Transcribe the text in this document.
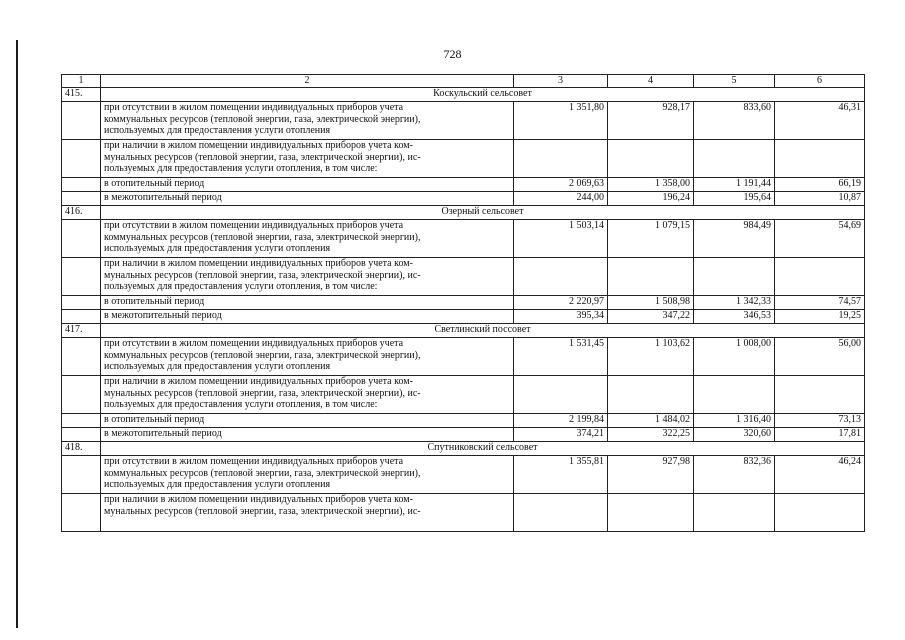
728
1	2	3	4	5	6
415.	Коскульский сельсовет				

	при отсутствии в жилом помещении индивидуальных приборов учета
коммунальных ресурсов (тепловой энергии, газа, электрической энергии),
используемых для предоставления услуги отопления	1 351,80	928,17	833,60	46,31

	при наличии в жилом помещении индивидуальных приборов учета ком-
мунальных ресурсов (тепловой энергии, газа, электрической энергии), ис-
пользуемых для предоставления услуги отопления, в том числе:				

	в отопительный период	2 069,63	1 358,00	1 191,44	66,19

	в межотопительный период	244,00	196,24	195,64	10,87
416.	Озерный сельсовет				

	при отсутствии в жилом помещении индивидуальных приборов учета
коммунальных ресурсов (тепловой энергии, газа, электрической энергии),
используемых для предоставления услуги отопления	1 503,14	1 079,15	984,49	54,69

	при наличии в жилом помещении индивидуальных приборов учета ком-
мунальных ресурсов (тепловой энергии, газа, электрической энергии), ис-
пользуемых для предоставления услуги отопления, в том числе:				

	в отопительный период	2 220,97	1 508,98	1 342,33	74,57

	в межотопительный период	395,34	347,22	346,53	19,25
417.	Светлинский поссовет				

	при отсутствии в жилом помещении индивидуальных приборов учета
коммунальных ресурсов (тепловой энергии, газа, электрической энергии),
используемых для предоставления услуги отопления	1 531,45	1 103,62	1 008,00	56,00

	при наличии в жилом помещении индивидуальных приборов учета ком-
мунальных ресурсов (тепловой энергии, газа, электрической энергии), ис-
пользуемых для предоставления услуги отопления, в том числе:				

	в отопительный период	2 199,84	1 484,02	1 316,40	73,13

	в межотопительный период	374,21	322,25	320,60	17,81
418.	Спутниковский сельсовет				

	при отсутствии в жилом помещении индивидуальных приборов учета
коммунальных ресурсов (тепловой энергии, газа, электрической энергии),
используемых для предоставления услуги отопления	1 355,81	927,98	832,36	46,24

	при наличии в жилом помещении индивидуальных приборов учета ком-
мунальных ресурсов (тепловой энергии, газа, электрической энергии), ис-				
